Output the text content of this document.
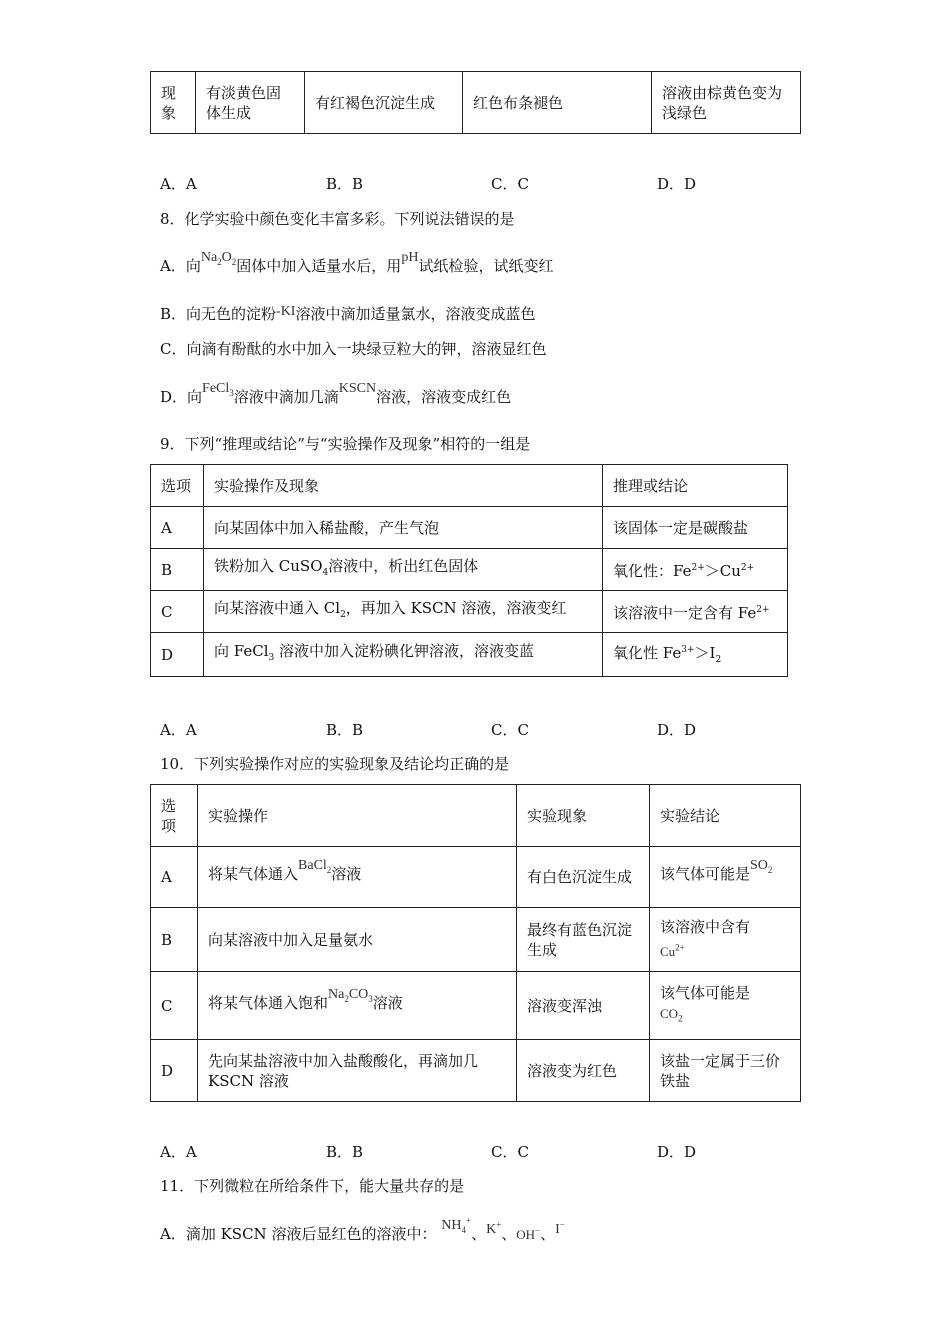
现象	有淡黄色固体生成	有红褐色沉淀生成	红色布条褪色	溶液由棕黄色变为浅绿色
A．A	B．B	C．C	D．D
8．化学实验中颜色变化丰富多彩。下列说法错误的是
A．向$Na_2O_2$固体中加入适量水后，用pH试纸检验，试纸变红
B．向无色的淀粉-KI溶液中滴加适量氯水，溶液变成蓝色
C．向滴有酚酞的水中加入一块绿豆粒大的钾，溶液显红色
D．向FeCl$_3$溶液中滴加几滴KSCN溶液，溶液变成红色
9．下列“推理或结论”与“实验操作及现象”相符的一组是
选项	实验操作及现象	推理或结论
A	向某固体中加入稀盐酸，产生气泡	该固体一定是碳酸盐
B	铁粉加入 CuSO$_4$溶液中，析出红色固体	氧化性：$Fe^{2+}>Cu^{2+}$
C	向某溶液中通入 $Cl_2$，再加入 KSCN 溶液，溶液变红	该溶液中一定含有 $Fe^{2+}$
D	向 FeCl$_3$ 溶液中加入淀粉碘化钾溶液，溶液变蓝	氧化性 $Fe^{3+}>I_2$
A．A	B．B	C．C	D．D
10．下列实验操作对应的实验现象及结论均正确的是
选项	实验操作	实验现象	实验结论
A	将某气体通入BaCl$_2$溶液	有白色沉淀生成	该气体可能是$SO_2$
B	向某溶液中加入足量氨水	最终有蓝色沉淀生成	该溶液中含有
$Cu^{2+}$
C	将某气体通入饱和$Na_2CO_3$溶液	溶液变浑浊	该气体可能是
$CO_2$
D	先向某盐溶液中加入盐酸酸化，再滴加几 KSCN 溶液	溶液变为红色	该盐一定属于三价铁盐
A．A	B．B	C．C	D．D
11．下列微粒在所给条件下，能大量共存的是
A．滴加 KSCN 溶液后显红色的溶液中： $NH_4^+$、K+、OH−、I−
